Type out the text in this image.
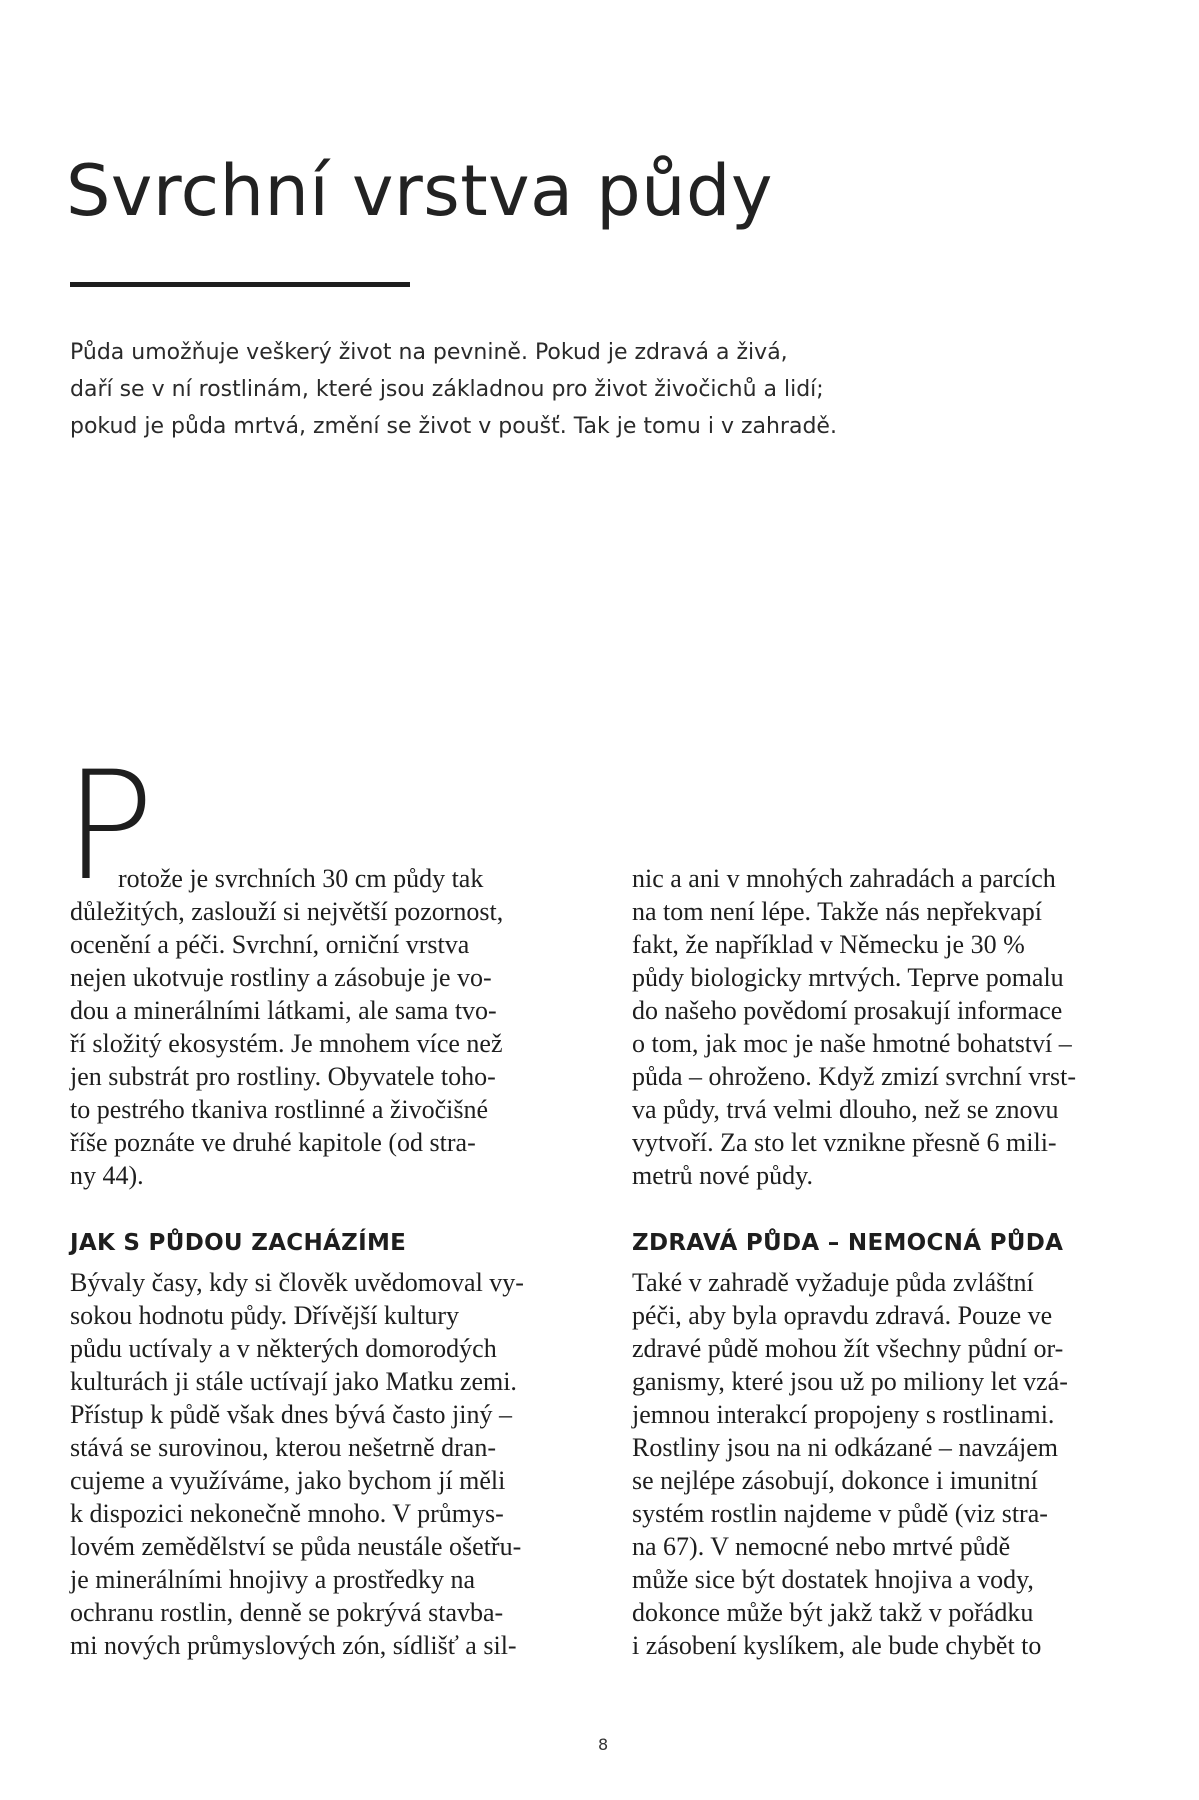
Svrchní vrstva půdy

Půda umožňuje veškerý život na pevnině. Pokud je zdravá a živá,
daří se v ní rostlinám, které jsou základnou pro život živočichů a lidí;
pokud je půda mrtvá, změní se život v poušť. Tak je tomu i v zahradě.

P
rotože je svrchních 30 cm půdy tak
důležitých, zaslouží si největší pozornost,
ocenění a péči. Svrchní, orniční vrstva
nejen ukotvuje rostliny a zásobuje je vo-
dou a minerálními látkami, ale sama tvo-
ří složitý ekosystém. Je mnohem více než
jen substrát pro rostliny. Obyvatele toho-
to pestrého tkaniva rostlinné a živočišné
říše poznáte ve druhé kapitole (od stra-
ny 44).
nic a ani v mnohých zahradách a parcích
na tom není lépe. Takže nás nepřekvapí
fakt, že například v Německu je 30 %
půdy biologicky mrtvých. Teprve pomalu
do našeho povědomí prosakují informace
o tom, jak moc je naše hmotné bohatství –
půda – ohroženo. Když zmizí svrchní vrst-
va půdy, trvá velmi dlouho, než se znovu
vytvoří. Za sto let vznikne přesně 6 mili-
metrů nové půdy.
JAK S PŮDOU ZACHÁZÍME	ZDRAVÁ PŮDA – NEMOCNÁ PŮDA
Bývaly časy, kdy si člověk uvědomoval vy-
sokou hodnotu půdy. Dřívější kultury
půdu uctívaly a v některých domorodých
kulturách ji stále uctívají jako Matku zemi.
Přístup k půdě však dnes bývá často jiný –
stává se surovinou, kterou nešetrně dran-
cujeme a využíváme, jako bychom jí měli
k dispozici nekonečně mnoho. V průmys-
lovém zemědělství se půda neustále ošetřu-
je minerálními hnojivy a prostředky na
ochranu rostlin, denně se pokrývá stavba-
mi nových průmyslových zón, sídlišť a sil-
Také v zahradě vyžaduje půda zvláštní
péči, aby byla opravdu zdravá. Pouze ve
zdravé půdě mohou žít všechny půdní or-
ganismy, které jsou už po miliony let vzá-
jemnou interakcí propojeny s rostlinami.
Rostliny jsou na ni odkázané – navzájem
se nejlépe zásobují, dokonce i imunitní
systém rostlin najdeme v půdě (viz stra-
na 67). V nemocné nebo mrtvé půdě
může sice být dostatek hnojiva a vody,
dokonce může být jakž takž v pořádku
i zásobení kyslíkem, ale bude chybět to
8
